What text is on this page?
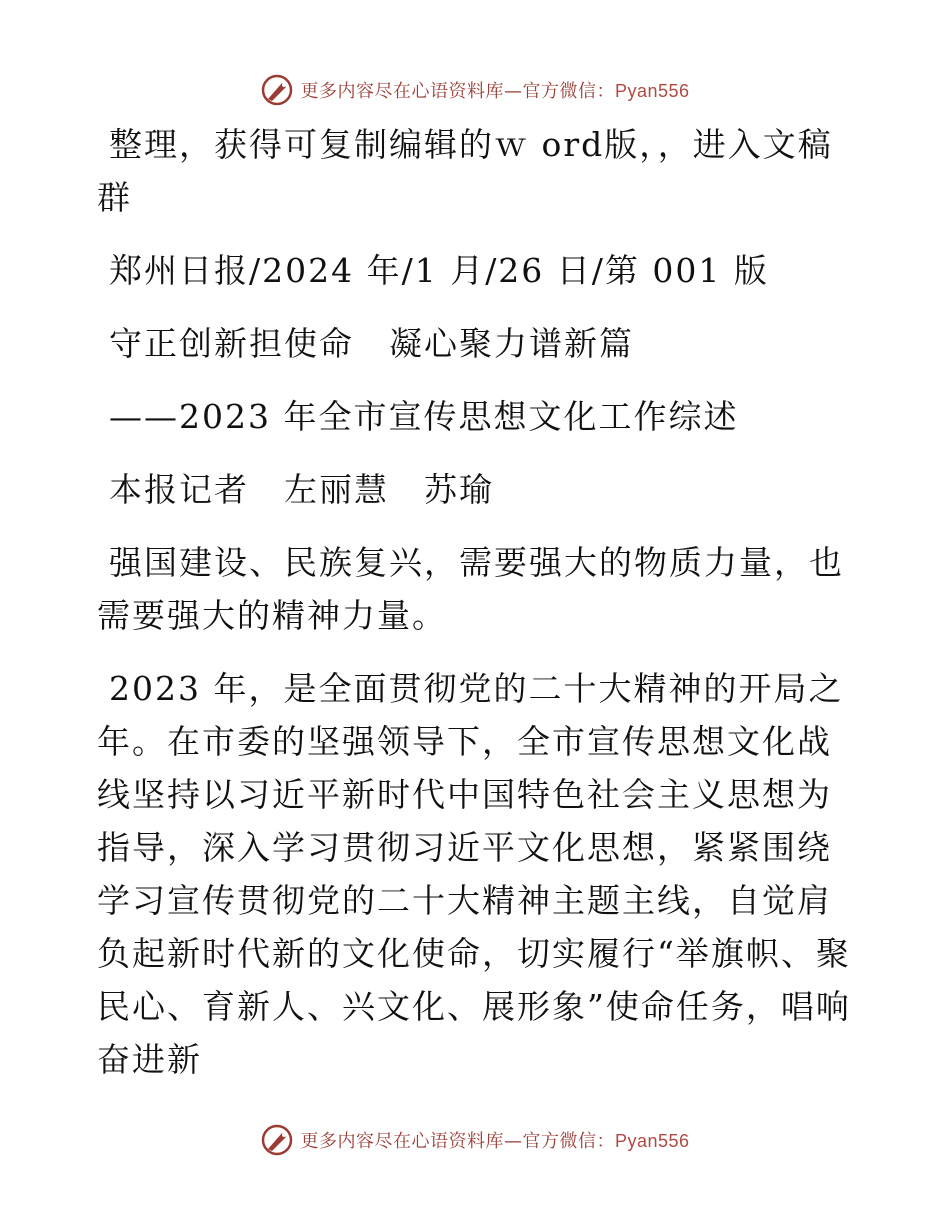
更多内容尽在心语资料库—官方微信：Pyan556

整理，获得可复制编辑的ｗ ord版，，进入文稿群

郑州日报/2024 年/1 月/26 日/第 001 版

守正创新担使命　凝心聚力谱新篇

——2023 年全市宣传思想文化工作综述

本报记者　左丽慧　苏瑜

强国建设、民族复兴，需要强大的物质力量，也需要强大的精神力量。

2023 年，是全面贯彻党的二十大精神的开局之年。在市委的坚强领导下，全市宣传思想文化战线坚持以习近平新时代中国特色社会主义思想为指导，深入学习贯彻习近平文化思想，紧紧围绕学习宣传贯彻党的二十大精神主题主线，自觉肩负起新时代新的文化使命，切实履行“举旗帜、聚民心、育新人、兴文化、展形象”使命任务，唱响奋进新

更多内容尽在心语资料库—官方微信：Pyan556
